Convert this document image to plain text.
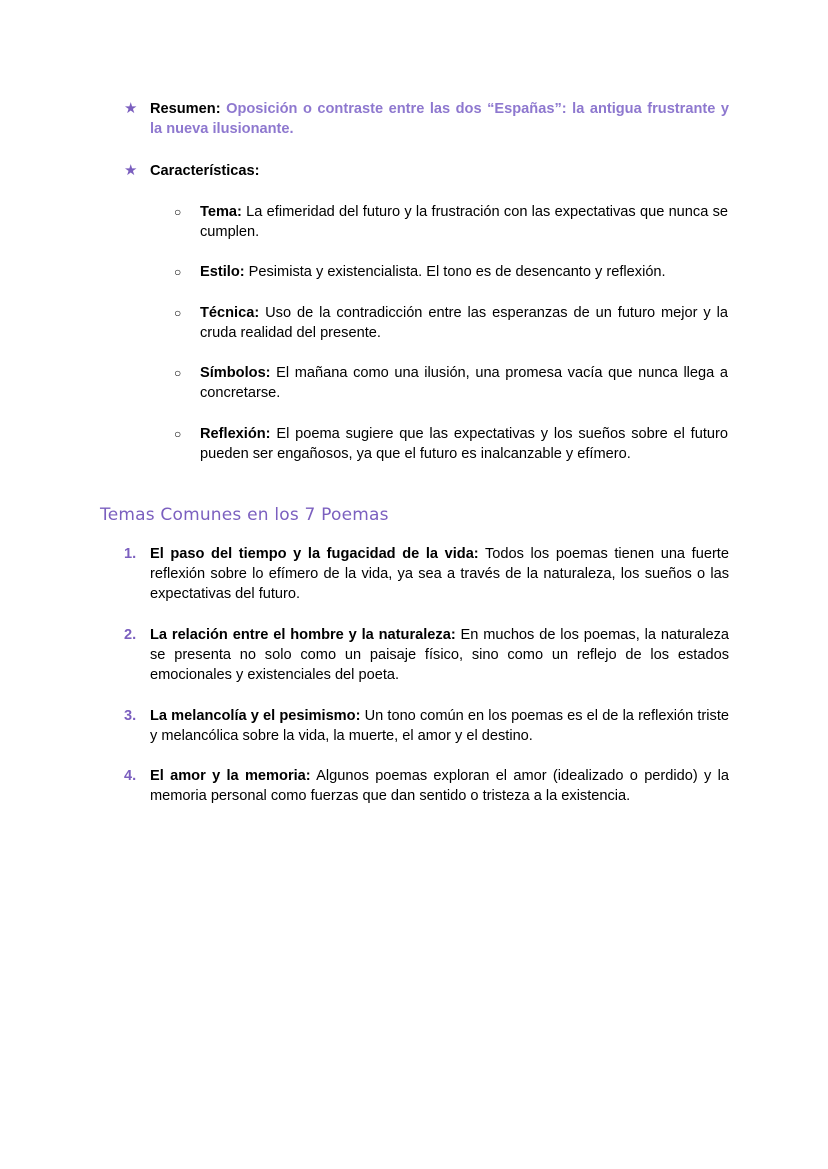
★ Resumen: Oposición o contraste entre las dos “Españas”: la antigua frustrante y la nueva ilusionante.
★ Características:
○	Tema: La efimeridad del futuro y la frustración con las expectativas que nunca se cumplen.
○	Estilo: Pesimista y existencialista. El tono es de desencanto y reflexión.
○	Técnica: Uso de la contradicción entre las esperanzas de un futuro mejor y la cruda realidad del presente.
○	Símbolos: El mañana como una ilusión, una promesa vacía que nunca llega a concretarse.
○	Reflexión: El poema sugiere que las expectativas y los sueños sobre el futuro pueden ser engañosos, ya que el futuro es inalcanzable y efímero.
Temas Comunes en los 7 Poemas
1. El paso del tiempo y la fugacidad de la vida: Todos los poemas tienen una fuerte reflexión sobre lo efímero de la vida, ya sea a través de la naturaleza, los sueños o las expectativas del futuro.
2. La relación entre el hombre y la naturaleza: En muchos de los poemas, la naturaleza se presenta no solo como un paisaje físico, sino como un reflejo de los estados emocionales y existenciales del poeta.
3. La melancolía y el pesimismo: Un tono común en los poemas es el de la reflexión triste y melancólica sobre la vida, la muerte, el amor y el destino.
4. El amor y la memoria: Algunos poemas exploran el amor (idealizado o perdido) y la memoria personal como fuerzas que dan sentido o tristeza a la existencia.
